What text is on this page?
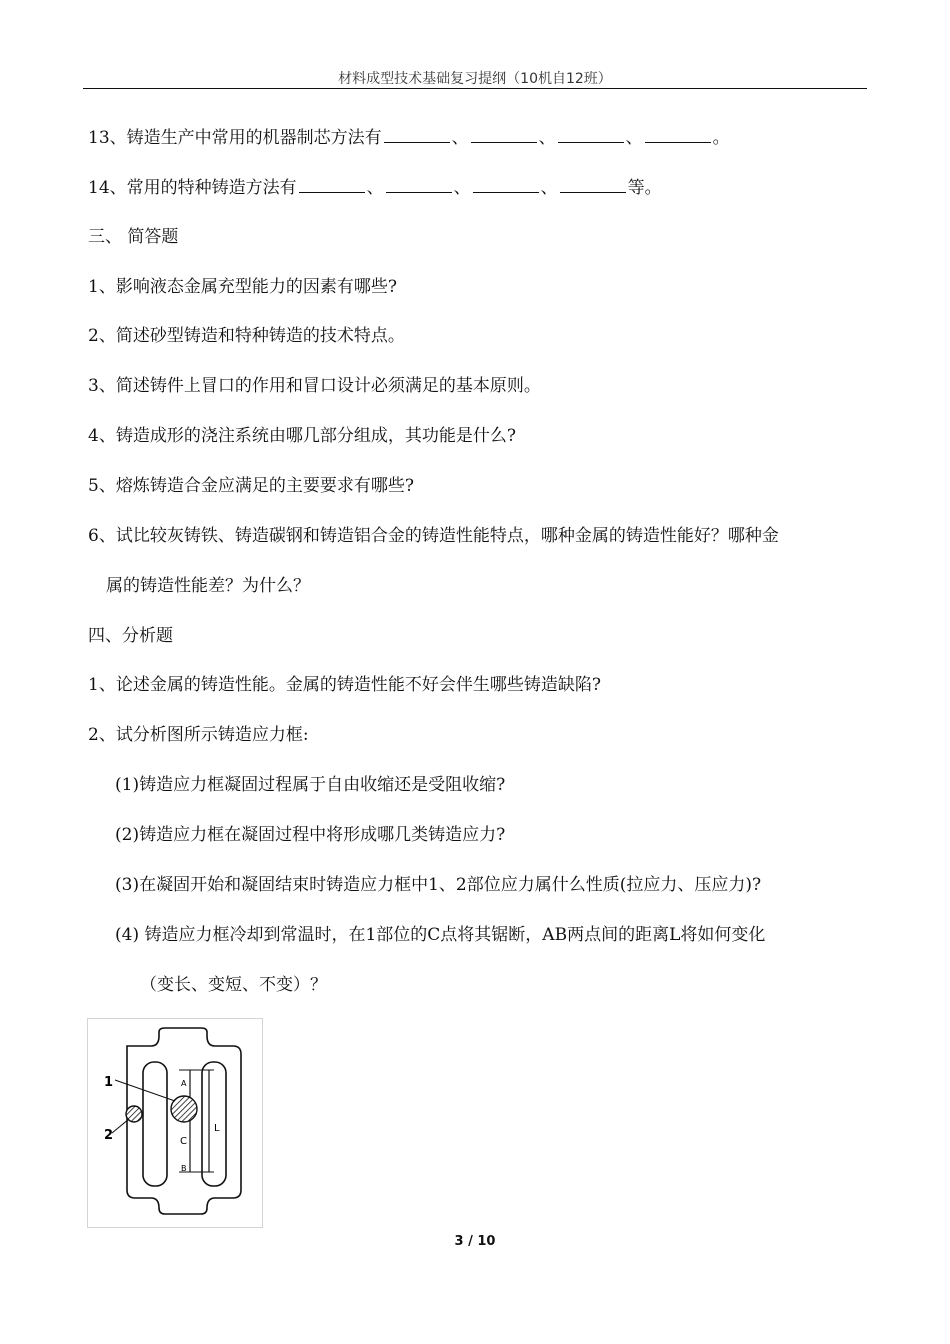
材料成型技术基础复习提纲（10机自12班）
13、铸造生产中常用的机器制芯方法有	、	、	、	。
14、常用的特种铸造方法有	、	、	、	等。
三、 简答题
1、影响液态金属充型能力的因素有哪些?
2、简述砂型铸造和特种铸造的技术特点。
3、简述铸件上冒口的作用和冒口设计必须满足的基本原则。
4、铸造成形的浇注系统由哪几部分组成，其功能是什么?
5、熔炼铸造合金应满足的主要要求有哪些?
6、试比较灰铸铁、铸造碳钢和铸造铝合金的铸造性能特点，哪种金属的铸造性能好？哪种金
属的铸造性能差？为什么？
四、分析题
1、论述金属的铸造性能。金属的铸造性能不好会伴生哪些铸造缺陷?
2、试分析图所示铸造应力框:
(1)铸造应力框凝固过程属于自由收缩还是受阻收缩?
(2)铸造应力框在凝固过程中将形成哪几类铸造应力?
(3)在凝固开始和凝固结束时铸造应力框中1、2部位应力属什么性质(拉应力、压应力)?
(4) 铸造应力框冷却到常温时，在1部位的C点将其锯断，AB两点间的距离L将如何变化
（变长、变短、不变）？
1
2
A
B
C
L
3 / 10
